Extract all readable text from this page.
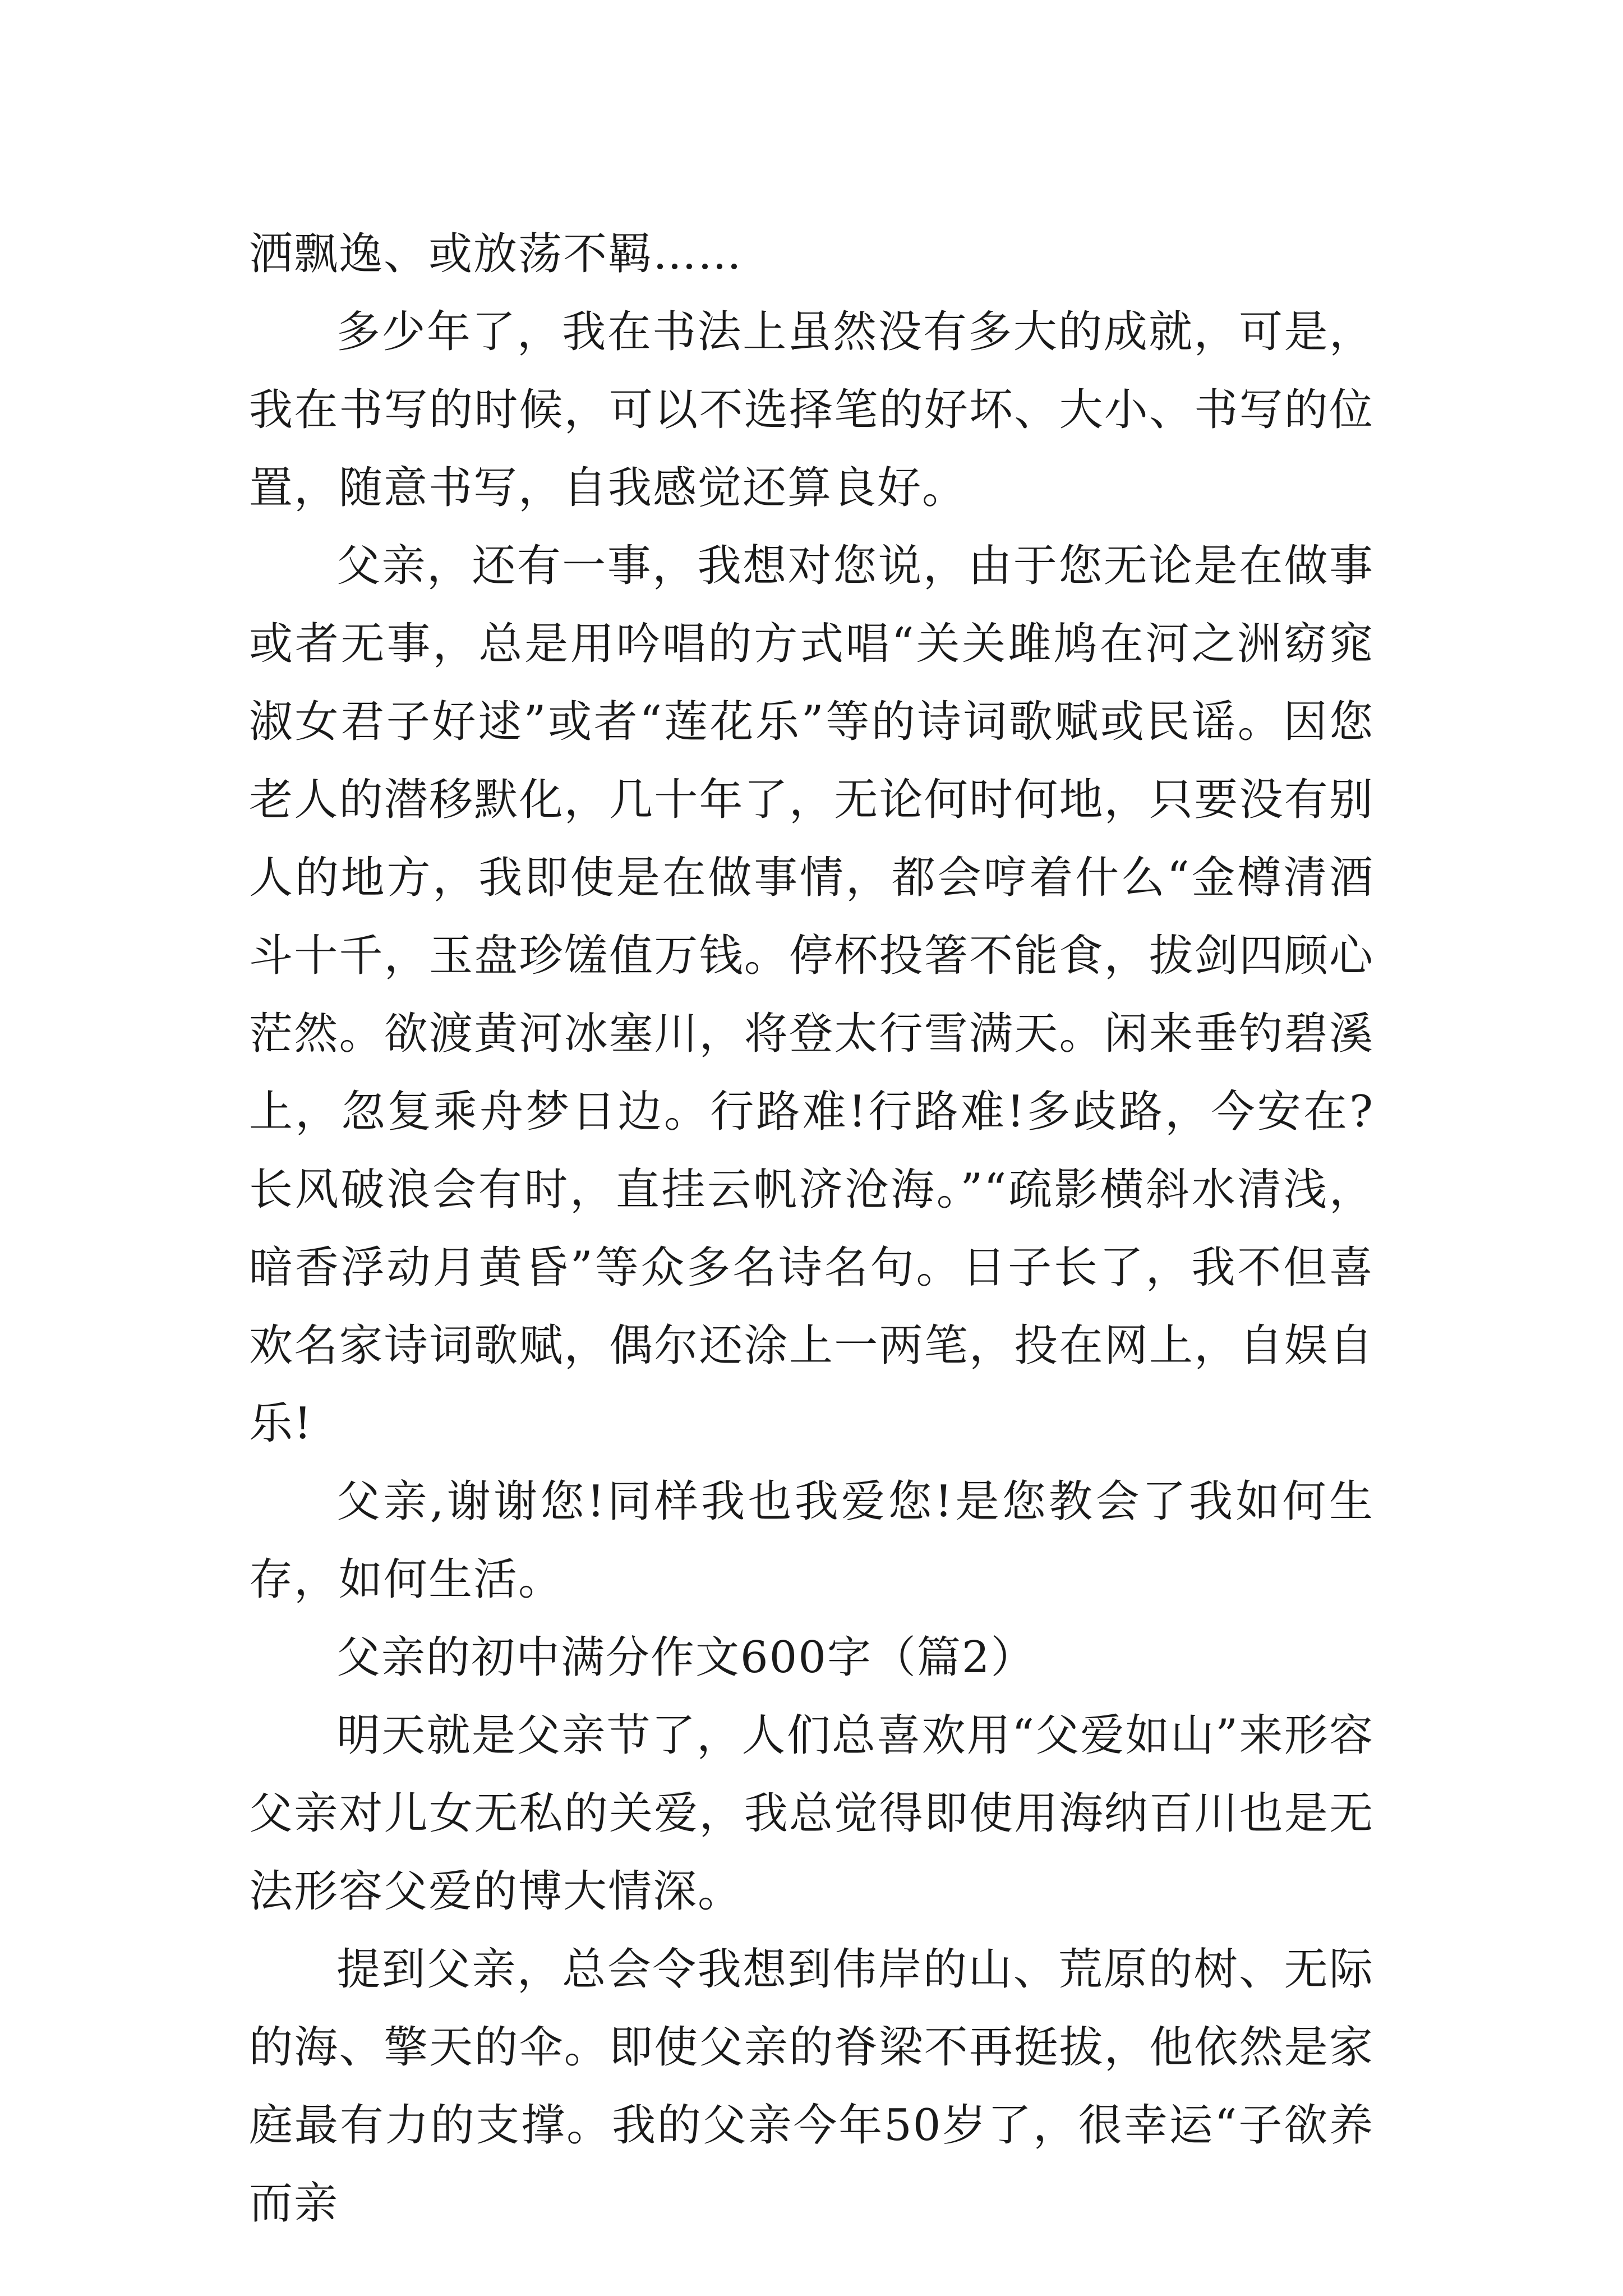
洒飘逸、或放荡不羁……

多少年了，我在书法上虽然没有多大的成就，可是，我在书写的时候，可以不选择笔的好坏、大小、书写的位置，随意书写，自我感觉还算良好。

父亲，还有一事，我想对您说，由于您无论是在做事或者无事，总是用吟唱的方式唱“关关雎鸠在河之洲窈窕淑女君子好逑”或者“莲花乐”等的诗词歌赋或民谣。因您老人的潜移默化，几十年了，无论何时何地，只要没有别人的地方，我即使是在做事情，都会哼着什么“金樽清酒斗十千，玉盘珍馐值万钱。停杯投箸不能食，拔剑四顾心茫然。欲渡黄河冰塞川，将登太行雪满天。闲来垂钓碧溪上，忽复乘舟梦日边。行路难!行路难!多歧路，今安在?长风破浪会有时，直挂云帆济沧海。”“疏影横斜水清浅，暗香浮动月黄昏”等众多名诗名句。日子长了，我不但喜欢名家诗词歌赋，偶尔还涂上一两笔，投在网上，自娱自乐!

父亲,谢谢您!同样我也我爱您!是您教会了我如何生存，如何生活。

父亲的初中满分作文600字（篇2）

明天就是父亲节了，人们总喜欢用“父爱如山”来形容父亲对儿女无私的关爱，我总觉得即使用海纳百川也是无法形容父爱的博大情深。

提到父亲，总会令我想到伟岸的山、荒原的树、无际的海、擎天的伞。即使父亲的脊梁不再挺拔，他依然是家庭最有力的支撑。我的父亲今年50岁了，很幸运“子欲养而亲
